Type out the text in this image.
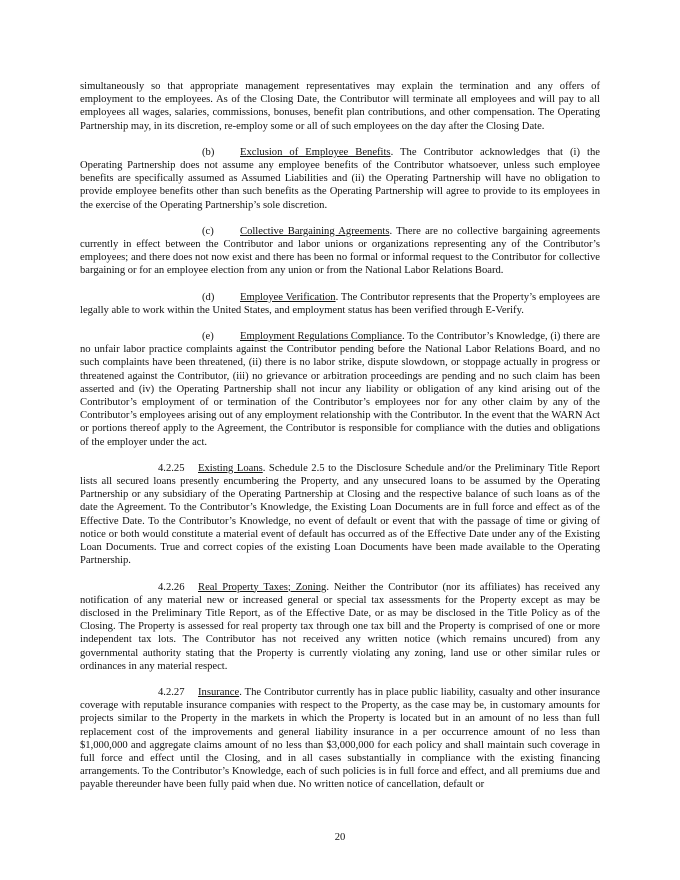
simultaneously so that appropriate management representatives may explain the termination and any offers of employment to the employees. As of the Closing Date, the Contributor will terminate all employees and will pay to all employees all wages, salaries, commissions, bonuses, benefit plan contributions, and other compensation. The Operating Partnership may, in its discretion, re-employ some or all of such employees on the day after the Closing Date.

(b) Exclusion of Employee Benefits. The Contributor acknowledges that (i) the Operating Partnership does not assume any employee benefits of the Contributor whatsoever, unless such employee benefits are specifically assumed as Assumed Liabilities and (ii) the Operating Partnership will have no obligation to provide employee benefits other than such benefits as the Operating Partnership will agree to provide to its employees in the exercise of the Operating Partnership’s sole discretion.

(c) Collective Bargaining Agreements. There are no collective bargaining agreements currently in effect between the Contributor and labor unions or organizations representing any of the Contributor’s employees; and there does not now exist and there has been no formal or informal request to the Contributor for collective bargaining or for an employee election from any union or from the National Labor Relations Board.

(d) Employee Verification. The Contributor represents that the Property’s employees are legally able to work within the United States, and employment status has been verified through E-Verify.

(e) Employment Regulations Compliance. To the Contributor’s Knowledge, (i) there are no unfair labor practice complaints against the Contributor pending before the National Labor Relations Board, and no such complaints have been threatened, (ii) there is no labor strike, dispute slowdown, or stoppage actually in progress or threatened against the Contributor, (iii) no grievance or arbitration proceedings are pending and no such claim has been asserted and (iv) the Operating Partnership shall not incur any liability or obligation of any kind arising out of the Contributor’s employment of or termination of the Contributor’s employees nor for any other claim by any of the Contributor’s employees arising out of any employment relationship with the Contributor. In the event that the WARN Act or portions thereof apply to the Agreement, the Contributor is responsible for compliance with the duties and obligations of the employer under the act.

4.2.25 Existing Loans. Schedule 2.5 to the Disclosure Schedule and/or the Preliminary Title Report lists all secured loans presently encumbering the Property, and any unsecured loans to be assumed by the Operating Partnership or any subsidiary of the Operating Partnership at Closing and the respective balance of such loans as of the date the Agreement. To the Contributor’s Knowledge, the Existing Loan Documents are in full force and effect as of the Effective Date. To the Contributor’s Knowledge, no event of default or event that with the passage of time or giving of notice or both would constitute a material event of default has occurred as of the Effective Date under any of the Existing Loan Documents. True and correct copies of the existing Loan Documents have been made available to the Operating Partnership.

4.2.26 Real Property Taxes; Zoning. Neither the Contributor (nor its affiliates) has received any notification of any material new or increased general or special tax assessments for the Property except as may be disclosed in the Preliminary Title Report, as of the Effective Date, or as may be disclosed in the Title Policy as of the Closing. The Property is assessed for real property tax through one tax bill and the Property is comprised of one or more independent tax lots. The Contributor has not received any written notice (which remains uncured) from any governmental authority stating that the Property is currently violating any zoning, land use or other similar rules or ordinances in any material respect.

4.2.27 Insurance. The Contributor currently has in place public liability, casualty and other insurance coverage with reputable insurance companies with respect to the Property, as the case may be, in customary amounts for projects similar to the Property in the markets in which the Property is located but in an amount of no less than full replacement cost of the improvements and general liability insurance in a per occurrence amount of no less than $1,000,000 and aggregate claims amount of no less than $3,000,000 for each policy and shall maintain such coverage in full force and effect until the Closing, and in all cases substantially in compliance with the existing financing arrangements. To the Contributor’s Knowledge, each of such policies is in full force and effect, and all premiums due and payable thereunder have been fully paid when due. No written notice of cancellation, default or

20
